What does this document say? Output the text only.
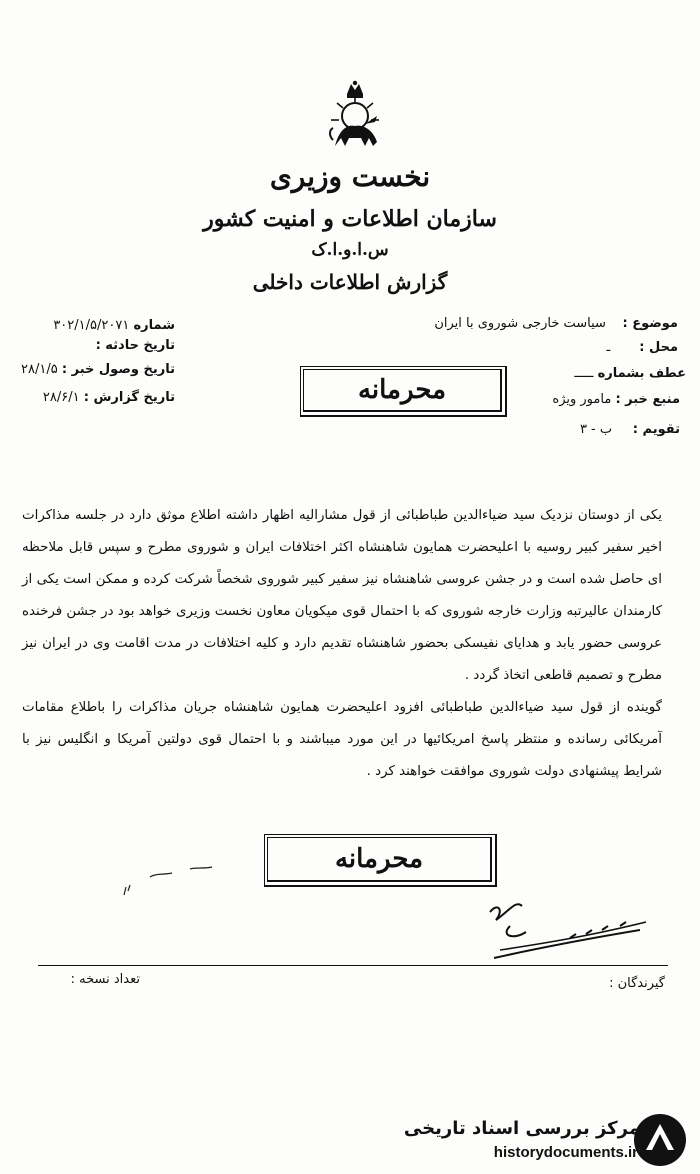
نخست وزیری
سازمان اطلاعات و امنیت کشور
س.ا.و.ا.ک
گزارش اطلاعات داخلی
شماره ۳۰۲/۱/۵/۲۰۷۱
تاریخ حادثه :
تاریخ وصول خبر : ۲۸/۱/۵
تاریخ گزارش : ۲۸/۶/۱
موضوع :    سیاست خارجی شوروی با ایران
محل :       ـ
عطف بشماره ـــــ
منبع خبر : مامور ویژه
تقویم :     ب - ۳
محرمانه

یکی از دوستان نزدیک سید ضیاءالدین طباطبائی از قول مشارالیه اظهار داشته اطلاع موثق دارد در جلسه مذاکرات اخیر سفیر کبیر روسیه با اعلیحضرت همایون شاهنشاه اکثر اختلافات ایران و شوروی مطرح و سپس قابل ملاحظه ای حاصل شده است و در جشن عروسی شاهنشاه نیز سفیر کبیر شوروی شخصاً شرکت کرده و ممکن است یکی از کارمندان عالیرتبه وزارت خارجه شوروی که با احتمال قوی میکویان معاون نخست وزیری خواهد بود در جشن فرخنده عروسی حضور یابد و هدایای نفیسکی بحضور شاهنشاه تقدیم دارد و کلیه اختلافات در مدت اقامت وی در ایران نیز مطرح و تصمیم قاطعی اتخاذ گردد .

گوینده از قول سید ضیاءالدین طباطبائی افزود اعلیحضرت همایون شاهنشاه جریان مذاکرات را باطلاع مقامات آمریکائی رسانده و منتظر پاسخ امریکائیها در این مورد میباشند و با احتمال قوی دولتین آمریکا و انگلیس نیز با شرایط پیشنهادی دولت شوروی موافقت خواهند کرد .

محرمانه
گیرندگان :
تعداد نسخه :
مرکز بررسی اسناد تاریخی
historydocuments.ir
